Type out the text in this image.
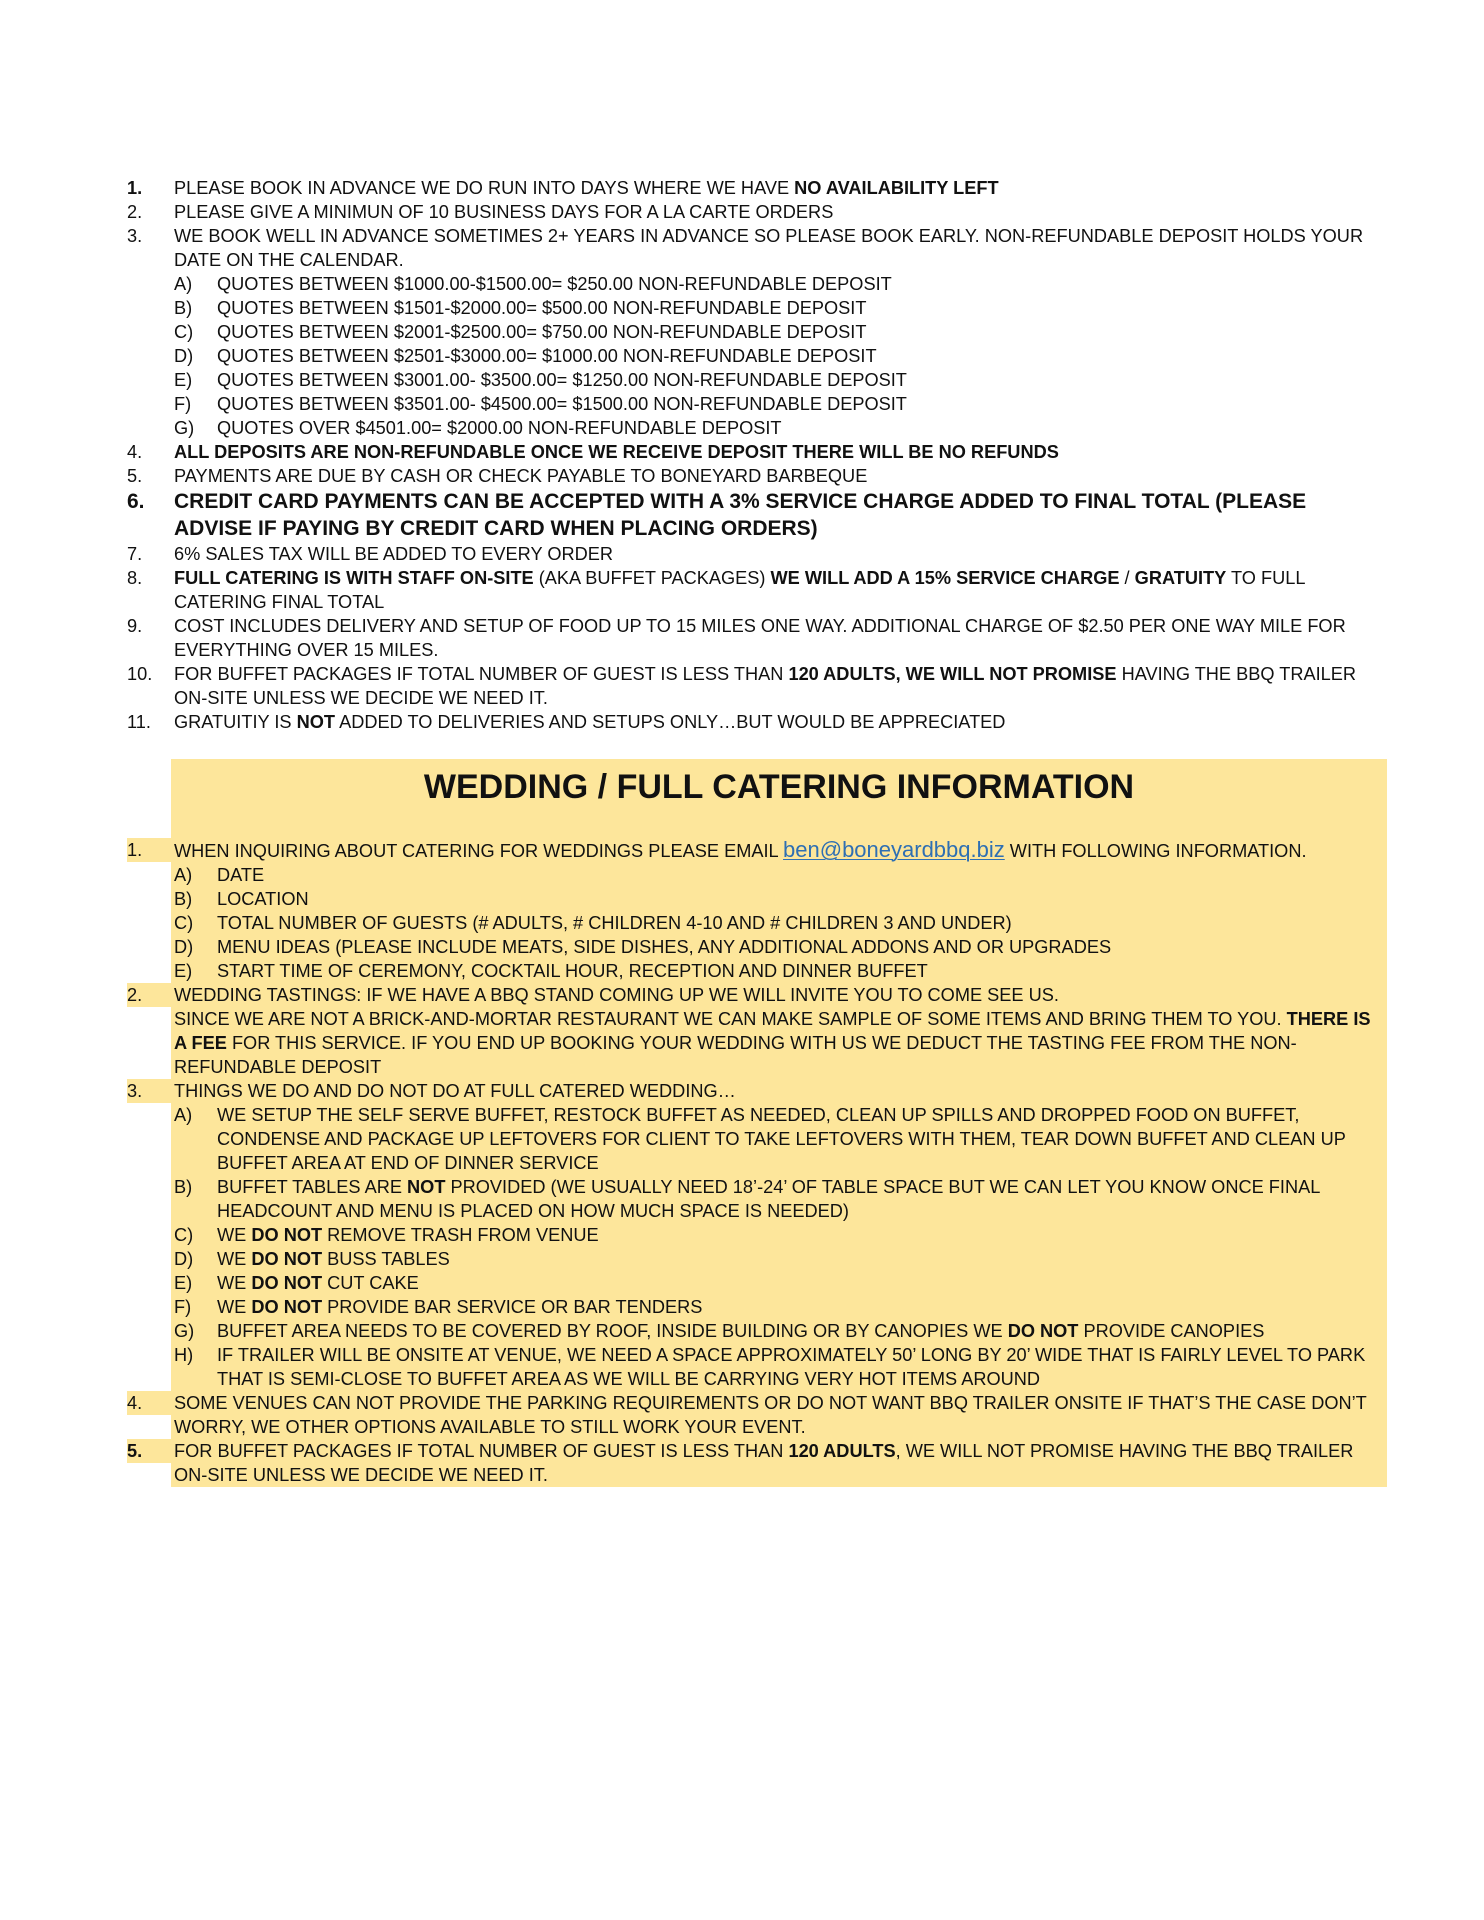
1.	PLEASE BOOK IN ADVANCE WE DO RUN INTO DAYS WHERE WE HAVE NO AVAILABILITY LEFT
2.	PLEASE GIVE A MINIMUN OF 10 BUSINESS DAYS FOR A LA CARTE ORDERS
3.	WE BOOK WELL IN ADVANCE SOMETIMES 2+ YEARS IN ADVANCE SO PLEASE BOOK EARLY. NON-REFUNDABLE DEPOSIT HOLDS YOUR DATE ON THE CALENDAR.
A)	QUOTES BETWEEN $1000.00-$1500.00= $250.00 NON-REFUNDABLE DEPOSIT
B)	QUOTES BETWEEN $1501-$2000.00= $500.00 NON-REFUNDABLE DEPOSIT
C)	QUOTES BETWEEN $2001-$2500.00= $750.00 NON-REFUNDABLE DEPOSIT
D)	QUOTES BETWEEN $2501-$3000.00= $1000.00 NON-REFUNDABLE DEPOSIT
E)	QUOTES BETWEEN $3001.00- $3500.00= $1250.00 NON-REFUNDABLE DEPOSIT
F)	QUOTES BETWEEN $3501.00- $4500.00= $1500.00 NON-REFUNDABLE DEPOSIT
G)	QUOTES OVER $4501.00= $2000.00 NON-REFUNDABLE DEPOSIT
4.	ALL DEPOSITS ARE NON-REFUNDABLE ONCE WE RECEIVE DEPOSIT THERE WILL BE NO REFUNDS
5.	PAYMENTS ARE DUE BY CASH OR CHECK PAYABLE TO BONEYARD BARBEQUE
6.	CREDIT CARD PAYMENTS CAN BE ACCEPTED WITH A 3% SERVICE CHARGE ADDED TO FINAL TOTAL (PLEASE ADVISE IF PAYING BY CREDIT CARD WHEN PLACING ORDERS)
7.	6% SALES TAX WILL BE ADDED TO EVERY ORDER
8.	FULL CATERING IS WITH STAFF ON-SITE (AKA BUFFET PACKAGES) WE WILL ADD A 15% SERVICE CHARGE / GRATUITY TO FULL CATERING FINAL TOTAL
9.	COST INCLUDES DELIVERY AND SETUP OF FOOD UP TO 15 MILES ONE WAY. ADDITIONAL CHARGE OF $2.50 PER ONE WAY MILE FOR EVERYTHING OVER 15 MILES.
10.	FOR BUFFET PACKAGES IF TOTAL NUMBER OF GUEST IS LESS THAN 120 ADULTS, WE WILL NOT PROMISE HAVING THE BBQ TRAILER ON-SITE UNLESS WE DECIDE WE NEED IT.
11.	GRATUITIY IS NOT ADDED TO DELIVERIES AND SETUPS ONLY…BUT WOULD BE APPRECIATED
WEDDING / FULL CATERING INFORMATION
1.	WHEN INQUIRING ABOUT CATERING FOR WEDDINGS PLEASE EMAIL ben@boneyardbbq.biz WITH FOLLOWING INFORMATION.
A)	DATE
B)	LOCATION
C)	TOTAL NUMBER OF GUESTS (# ADULTS, # CHILDREN 4-10 AND # CHILDREN 3 AND UNDER)
D)	MENU IDEAS (PLEASE INCLUDE MEATS, SIDE DISHES, ANY ADDITIONAL ADDONS AND OR UPGRADES
E)	START TIME OF CEREMONY, COCKTAIL HOUR, RECEPTION AND DINNER BUFFET
2.	WEDDING TASTINGS: IF WE HAVE A BBQ STAND COMING UP WE WILL INVITE YOU TO COME SEE US.
SINCE WE ARE NOT A BRICK-AND-MORTAR RESTAURANT WE CAN MAKE SAMPLE OF SOME ITEMS AND BRING THEM TO YOU. THERE IS A FEE FOR THIS SERVICE. IF YOU END UP BOOKING YOUR WEDDING WITH US WE DEDUCT THE TASTING FEE FROM THE NON-REFUNDABLE DEPOSIT
3.	THINGS WE DO AND DO NOT DO AT FULL CATERED WEDDING…
A)	WE SETUP THE SELF SERVE BUFFET, RESTOCK BUFFET AS NEEDED, CLEAN UP SPILLS AND DROPPED FOOD ON BUFFET, CONDENSE AND PACKAGE UP LEFTOVERS FOR CLIENT TO TAKE LEFTOVERS WITH THEM, TEAR DOWN BUFFET AND CLEAN UP BUFFET AREA AT END OF DINNER SERVICE
B)	BUFFET TABLES ARE NOT PROVIDED (WE USUALLY NEED 18’-24’ OF TABLE SPACE BUT WE CAN LET YOU KNOW ONCE FINAL HEADCOUNT AND MENU IS PLACED ON HOW MUCH SPACE IS NEEDED)
C)	WE DO NOT REMOVE TRASH FROM VENUE
D)	WE DO NOT BUSS TABLES
E)	WE DO NOT CUT CAKE
F)	WE DO NOT PROVIDE BAR SERVICE OR BAR TENDERS
G)	BUFFET AREA NEEDS TO BE COVERED BY ROOF, INSIDE BUILDING OR BY CANOPIES WE DO NOT PROVIDE CANOPIES
H)	IF TRAILER WILL BE ONSITE AT VENUE, WE NEED A SPACE APPROXIMATELY 50’ LONG BY 20’ WIDE THAT IS FAIRLY LEVEL TO PARK THAT IS SEMI-CLOSE TO BUFFET AREA AS WE WILL BE CARRYING VERY HOT ITEMS AROUND
4.	SOME VENUES CAN NOT PROVIDE THE PARKING REQUIREMENTS OR DO NOT WANT BBQ TRAILER ONSITE IF THAT’S THE CASE DON’T WORRY, WE OTHER OPTIONS AVAILABLE TO STILL WORK YOUR EVENT.
5.	FOR BUFFET PACKAGES IF TOTAL NUMBER OF GUEST IS LESS THAN 120 ADULTS, WE WILL NOT PROMISE HAVING THE BBQ TRAILER ON-SITE UNLESS WE DECIDE WE NEED IT.
